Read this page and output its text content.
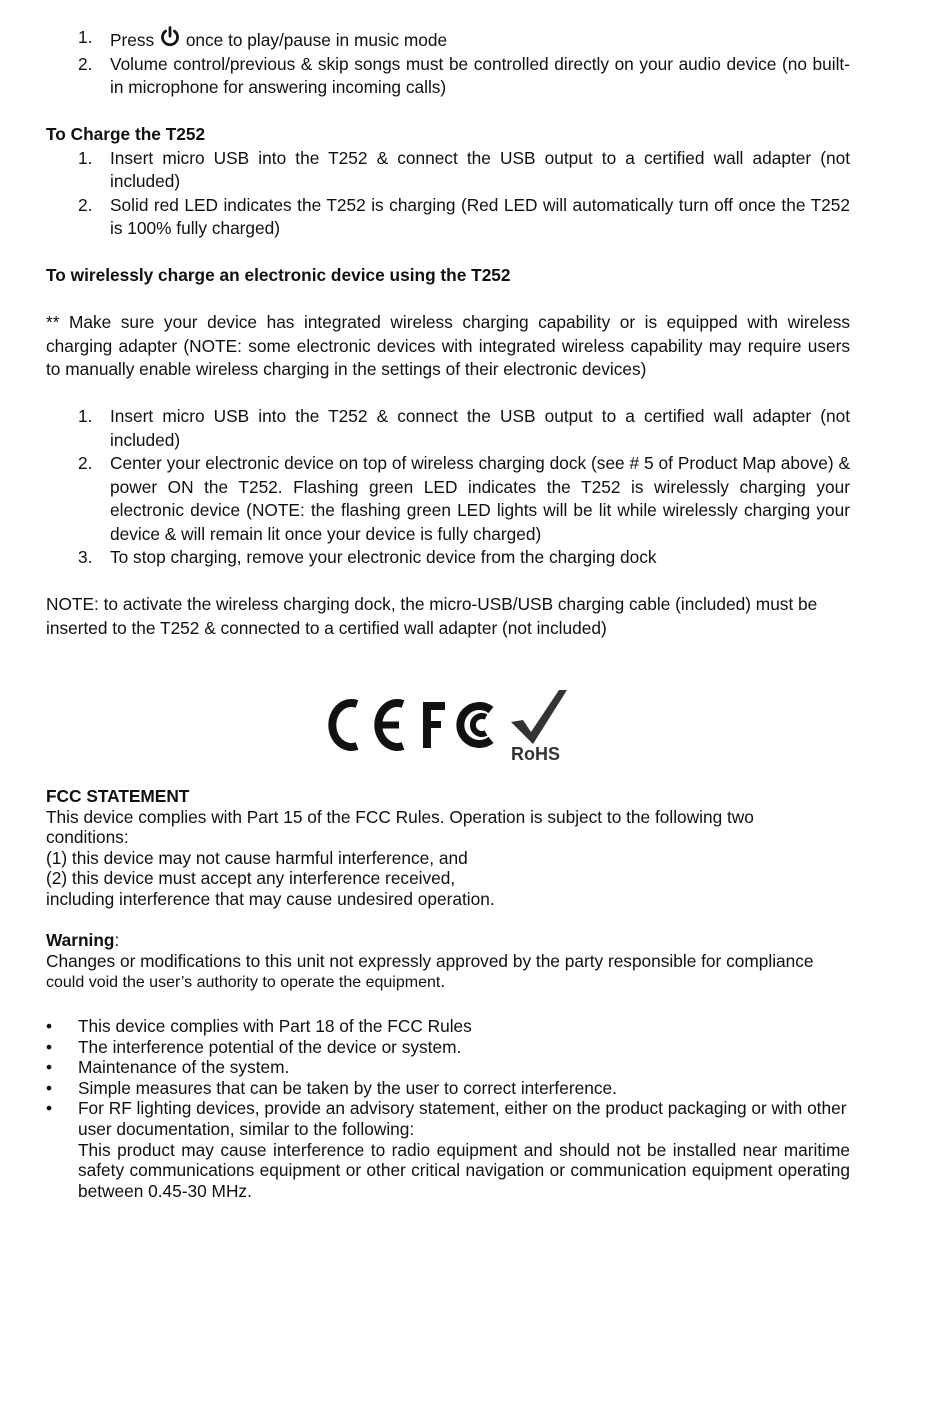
1. Press once to play/pause in music mode
2. Volume control/previous & skip songs must be controlled directly on your audio device (no built-in microphone for answering incoming calls)

To Charge the T252

1. Insert micro USB into the T252 & connect the USB output to a certified wall adapter (not included)
2. Solid red LED indicates the T252 is charging (Red LED will automatically turn off once the T252 is 100% fully charged)

To wirelessly charge an electronic device using the T252

** Make sure your device has integrated wireless charging capability or is equipped with wireless charging adapter (NOTE: some electronic devices with integrated wireless capability may require users to manually enable wireless charging in the settings of their electronic devices)

1. Insert micro USB into the T252 & connect the USB output to a certified wall adapter (not included)
2. Center your electronic device on top of wireless charging dock (see # 5 of Product Map above) & power ON the T252. Flashing green LED indicates the T252 is wirelessly charging your electronic device (NOTE: the flashing green LED lights will be lit while wirelessly charging your device & will remain lit once your device is fully charged)
3. To stop charging, remove your electronic device from the charging dock

NOTE: to activate the wireless charging dock, the micro-USB/USB charging cable (included) must be inserted to the T252 & connected to a certified wall adapter (not included)

RoHS

FCC STATEMENT

This device complies with Part 15 of the FCC Rules. Operation is subject to the following two

conditions:

(1) this device may not cause harmful interference, and

(2) this device must accept any interference received,

including interference that may cause undesired operation.

Warning:

Changes or modifications to this unit not expressly approved by the party responsible for compliance

could void the user’s authority to operate the equipment.

• This device complies with Part 18 of the FCC Rules
• The interference potential of the device or system.
• Maintenance of the system.
• Simple measures that can be taken by the user to correct interference.
• For RF lighting devices, provide an advisory statement, either on the product packaging or with other user documentation, similar to the following:

This product may cause interference to radio equipment and should not be installed near maritime safety communications equipment or other critical navigation or communication equipment operating between 0.45-30 MHz.
